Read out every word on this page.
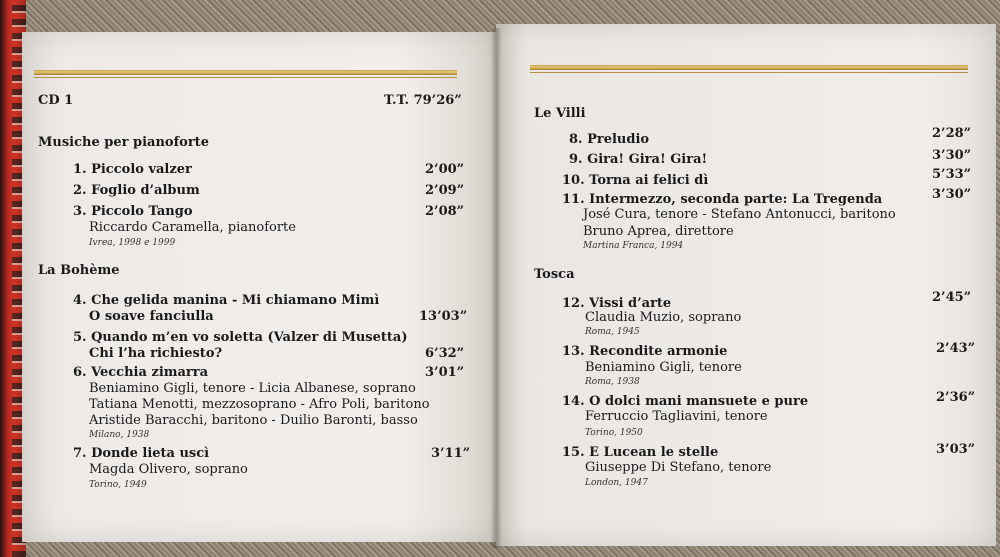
CD 1	T.T. 79’26”
Musiche per pianoforte
1. Piccolo valzer	2’00”
2. Foglio d’album	2’09”
3. Piccolo Tango	2’08”
Riccardo Caramella, pianoforte
Ivrea, 1998 e 1999
La Bohème
4. Che gelida manina - Mi chiamano Mimì
O soave fanciulla	13’03”
5. Quando m’en vo soletta (Valzer di Musetta)
Chi l’ha richiesto?	6’32”
6. Vecchia zimarra	3’01”
Beniamino Gigli, tenore - Licia Albanese, soprano
Tatiana Menotti, mezzosoprano - Afro Poli, baritono
Aristide Baracchi, baritono - Duilio Baronti, basso
Milano, 1938
7. Donde lieta uscì	3’11”
Magda Olivero, soprano
Torino, 1949
Le Villi
8. Preludio	2’28”
9. Gira! Gira! Gira!	3’30”
10. Torna ai felici dì	5’33”
11. Intermezzo, seconda parte: La Tregenda	3’30”
José Cura, tenore - Stefano Antonucci, baritono
Bruno Aprea, direttore
Martina Franca, 1994
Tosca
12. Vissi d’arte	2’45”
Claudia Muzio, soprano
Roma, 1945
13. Recondite armonie	2’43”
Beniamino Gigli, tenore
Roma, 1938
14. O dolci mani mansuete e pure	2’36”
Ferruccio Tagliavini, tenore
Torino, 1950
15. E Lucean le stelle	3’03”
Giuseppe Di Stefano, tenore
London, 1947
